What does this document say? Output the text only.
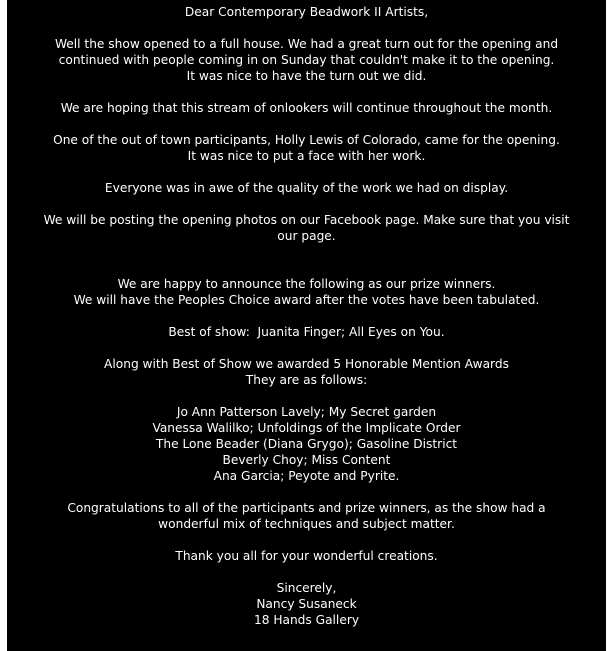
Dear Contemporary Beadwork II Artists,
Well the show opened to a full house. We had a great turn out for the opening and
continued with people coming in on Sunday that couldn't make it to the opening.
It was nice to have the turn out we did.
We are hoping that this stream of onlookers will continue throughout the month.
One of the out of town participants, Holly Lewis of Colorado, came for the opening.
It was nice to put a face with her work.
Everyone was in awe of the quality of the work we had on display.
We will be posting the opening photos on our Facebook page. Make sure that you visit
our page.
We are happy to announce the following as our prize winners.
We will have the Peoples Choice award after the votes have been tabulated.
Best of show:  Juanita Finger; All Eyes on You.
Along with Best of Show we awarded 5 Honorable Mention Awards
They are as follows:
Jo Ann Patterson Lavely; My Secret garden
Vanessa Walilko; Unfoldings of the Implicate Order
The Lone Beader (Diana Grygo); Gasoline District
Beverly Choy; Miss Content
Ana Garcia; Peyote and Pyrite.
Congratulations to all of the participants and prize winners, as the show had a
wonderful mix of techniques and subject matter.
Thank you all for your wonderful creations.
Sincerely,
Nancy Susaneck
18 Hands Gallery
